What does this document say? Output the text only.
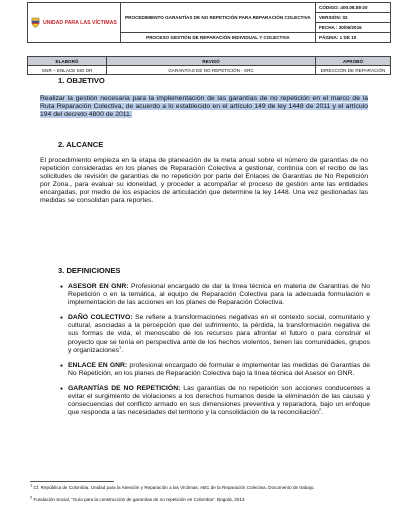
UNIDAD PARA LAS VÍCTIMAS	PROCEDIMIENTO GARANTÍAS DE NO REPETICIÓN PARA REPARACIÓN COLECTIVA	CÓDIGO: 400.08.08-20
		VERSIÓN: 02
		FECHA : 30/06/2016
	PROCESO GESTIÓN DE REPARACIÓN INDIVIDUAL Y COLECTIVA	PÁGINA: 1 DE 10
ELABORÓ	REVISÓ	APROBÓ
GNR – ENLACE SIG DR	GARANTÍAS DE NO REPETICIÓN - SRC	DIRECCIÓN DE REPARACIÓN
1. OBJETIVO
Realizar la gestión necesaria para la implementación de las garantías de no repetición en el marco de la Ruta Reparación Colectiva, de acuerdo a lo establecido en el artículo 149 de ley 1448 de 2011 y el artículo 194 del decreto 4800 de 2011.
2. ALCANCE
El procedimiento empieza en la etapa de planeación de la meta anual sobre el número de garantías de no repetición consideradas en los planes de Reparación Colectiva a gestionar, continúa con el recibo de las solicitudes de revisión de garantías de no repetición por parte del Enlaces de Garantías de No Repetición por Zona., para evaluar su idoneidad, y proceder a acompañar el proceso de gestión ante las entidades encargadas, por medio de los espacios de articulación que determine la ley 1448. Una vez gestionadas las medidas se consolidan para reportes.
3. DEFINICIONES
● ASESOR EN GNR: Profesional encargado de dar la línea técnica en materia de Garantías de No Repetición o en la temática, al equipo de Reparación Colectiva para la adecuada formulación e implementación de las acciones en los planes de Reparación Colectiva.
● DAÑO COLECTIVO: Se refiere a transformaciones negativas en el contexto social, comunitario y cultural, asociadas a la percepción que del sufrimiento, la pérdida, la transformación negativa de sus formas de vida, el menoscabo de los recursos para afrontar el futuro o para construir el proyecto que se tenía en perspectiva ante de los hechos violentos, tienen las comunidades, grupos y organizaciones$^1$.
● ENLACE EN GNR: profesional encargado de formular e implementar las medidas de Garantías de No Repetición, en los planes de Reparación Colectiva bajo la línea técnica del Asesor en GNR.
● GARANTÍAS DE NO REPETICIÓN: Las garantías de no repetición son acciones conducentes a evitar el surgimiento de violaciones a los derechos humanos desde la eliminación de las causas y consecuencias del conflicto armado en sus dimensiones preventiva y reparadora, bajo un enfoque que responda a las necesidades del territorio y la consolidación de la reconciliación$^2$.
$^1$ Cf. República de Colombia. Unidad para la Atención y Reparación a las Víctimas. ABC de la Reparación Colectiva. Documento de trabajo.
$^2$ Fundación Social, “Guía para la construcción de garantías de no repetición en Colombia”. Bogotá, 2013
